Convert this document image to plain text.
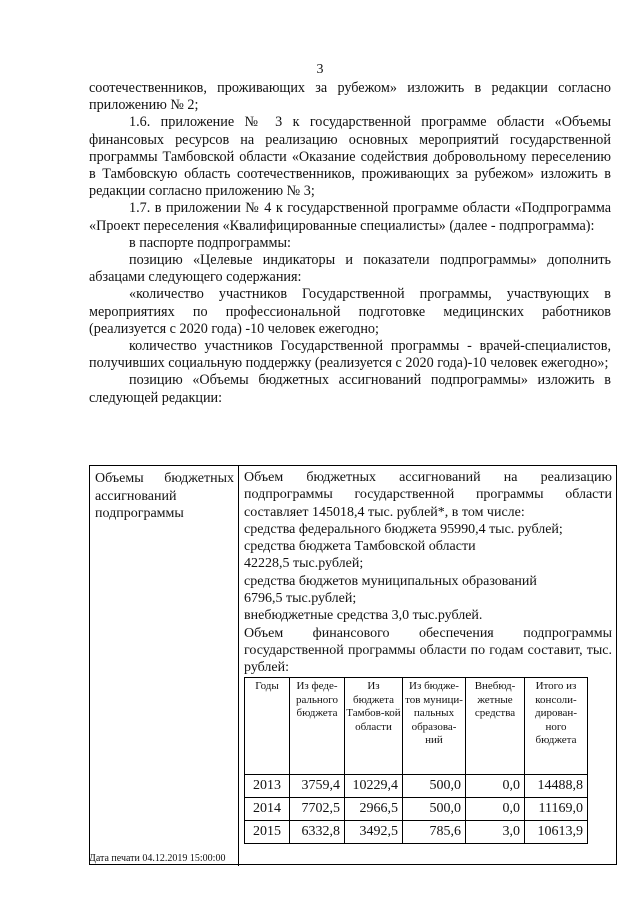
3

соотечественников, проживающих за рубежом» изложить в редакции согласно приложению № 2;

1.6. приложение № 3 к государственной программе области «Объемы финансовых ресурсов на реализацию основных мероприятий государственной программы Тамбовской области «Оказание содействия добровольному переселению в Тамбовскую область соотечественников, проживающих за рубежом» изложить в редакции согласно приложению № 3;

1.7. в приложении № 4 к государственной программе области «Подпрограмма «Проект переселения «Квалифицированные специалисты» (далее - подпрограмма):

в паспорте подпрограммы:

позицию «Целевые индикаторы и показатели подпрограммы» дополнить абзацами следующего содержания:

«количество участников Государственной программы, участвующих в мероприятиях по профессиональной подготовке медицинских работников (реализуется с 2020 года) -10 человек ежегодно;

количество участников Государственной программы - врачей-специалистов, получивших социальную поддержку (реализуется с 2020 года)-10 человек ежегодно»;

позицию «Объемы бюджетных ассигнований подпрограммы» изложить в следующей редакции:

Объемы бюджетных ассигнований подпрограммы

Объем бюджетных ассигнований на реализацию подпрограммы государственной программы области составляет 145018,4 тыс. рублей*, в том числе:

средства федерального бюджета 95990,4 тыс. рублей;

средства бюджета Тамбовской области

42228,5 тыс.рублей;

средства бюджетов муниципальных образований

6796,5 тыс.рублей;

внебюджетные средства 3,0 тыс.рублей.

Объем финансового обеспечения подпрограммы государственной программы области по годам составит, тыс. рублей:

Годы	Из феде-рального бюджета	Из бюджета Тамбов-кой области	Из бюдже-тов муници-пальных образова-ний	Внебюд-жетные средства	Итого из консоли-дирован-ного бюджета
2013	3759,4	10229,4	500,0	0,0	14488,8
2014	7702,5	2966,5	500,0	0,0	11169,0
2015	6332,8	3492,5	785,6	3,0	10613,9
Дата печати 04.12.2019 15:00:00
